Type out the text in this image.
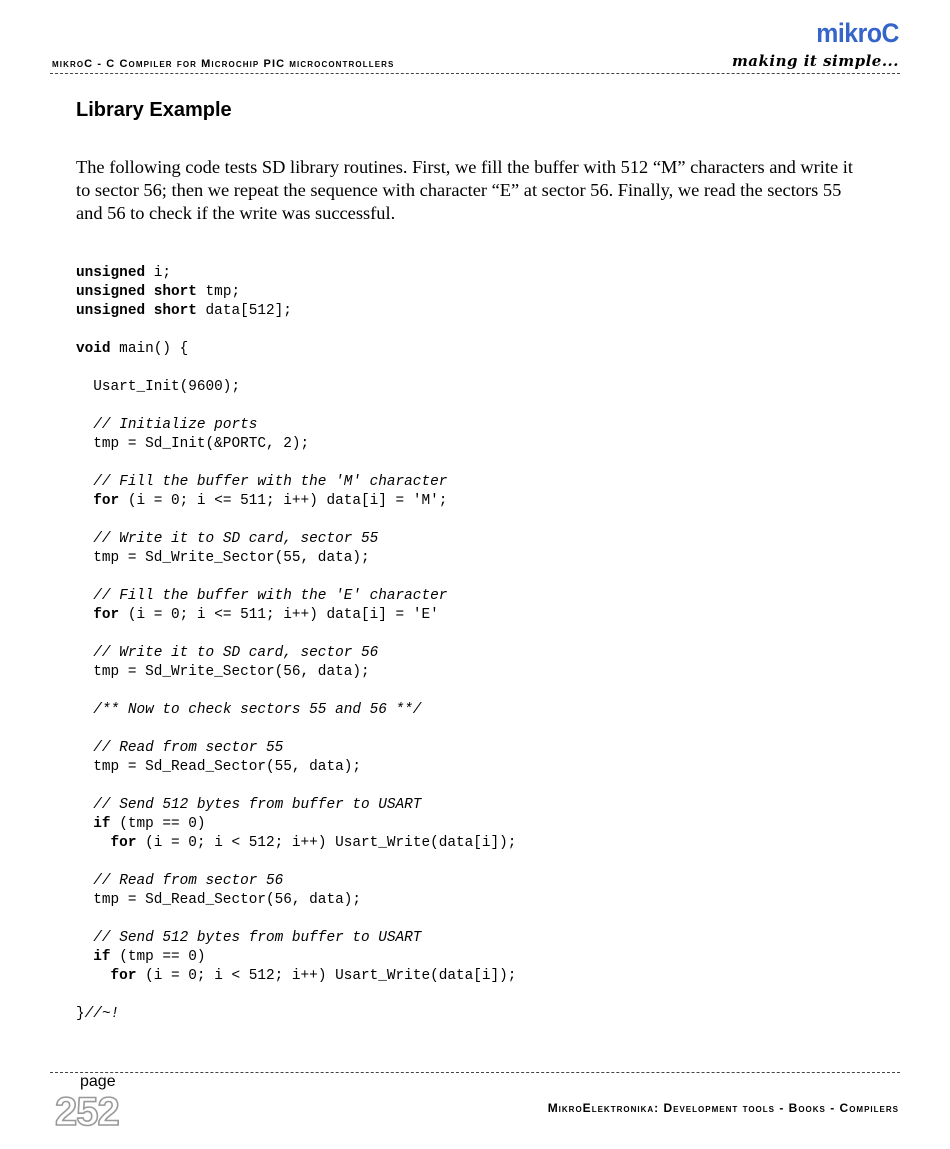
mikroC - C Compiler for Microchip PIC microcontrollers
mikroC
making it simple...
Library Example

The following code tests SD library routines. First, we fill the buffer with 512 “M” characters and write it to sector 56; then we repeat the sequence with character “E” at sector 56. Finally, we read the sectors 55 and 56 to check if the write was successful.

unsigned i;
unsigned short tmp;
unsigned short data[512];

void main() {

Usart_Init(9600);

// Initialize ports
tmp = Sd_Init(&PORTC, 2);

// Fill the buffer with the 'M' character
for (i = 0; i <= 511; i++) data[i] = 'M';

// Write it to SD card, sector 55
tmp = Sd_Write_Sector(55, data);

// Fill the buffer with the 'E' character
for (i = 0; i <= 511; i++) data[i] = 'E'

// Write it to SD card, sector 56
tmp = Sd_Write_Sector(56, data);

/** Now to check sectors 55 and 56 **/

// Read from sector 55
tmp = Sd_Read_Sector(55, data);

// Send 512 bytes from buffer to USART
if (tmp == 0)
for (i = 0; i < 512; i++) Usart_Write(data[i]);

// Read from sector 56
tmp = Sd_Read_Sector(56, data);

// Send 512 bytes from buffer to USART
if (tmp == 0)
for (i = 0; i < 512; i++) Usart_Write(data[i]);

}//~!
page
252	MikroElektronika: Development tools - Books - Compilers
